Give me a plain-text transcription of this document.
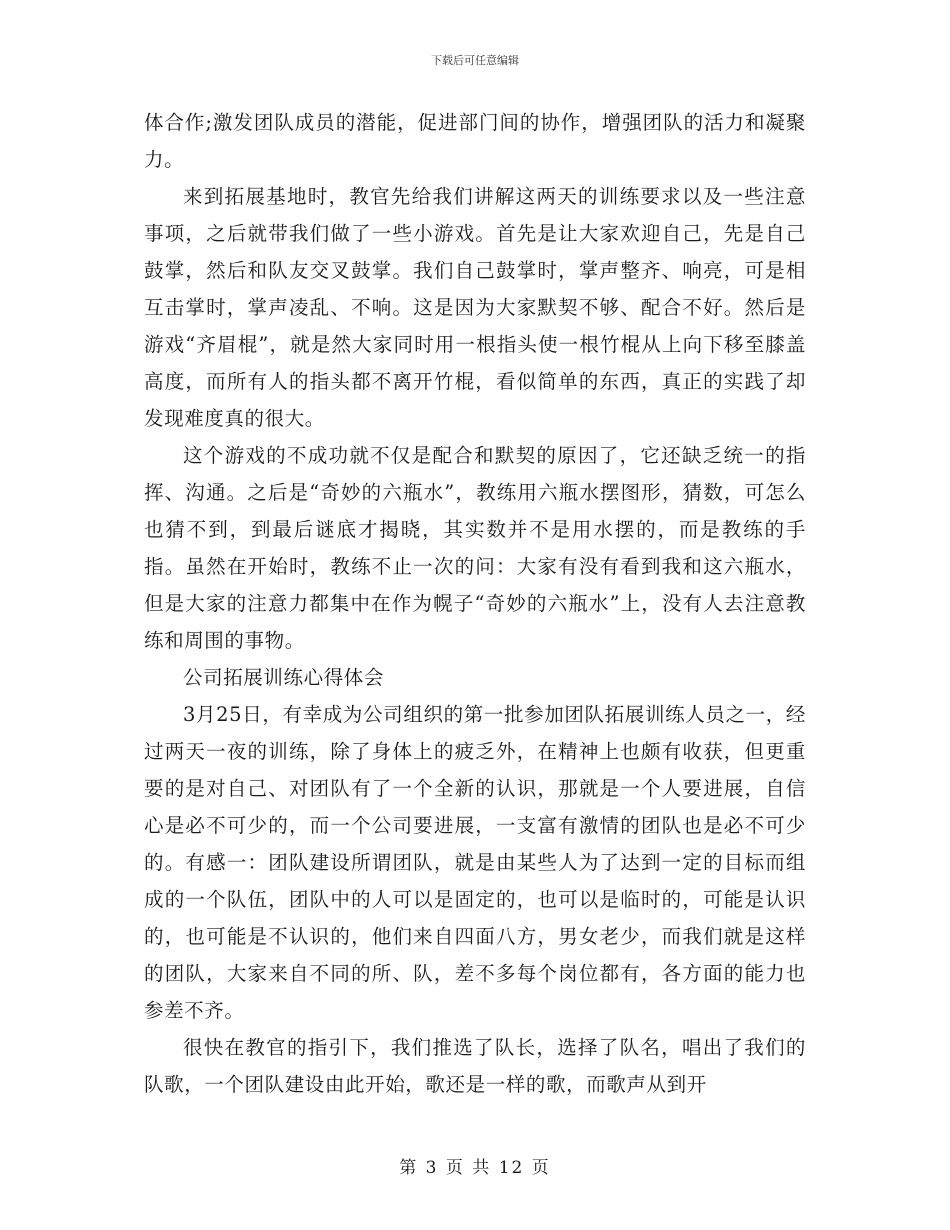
下载后可任意编辑

体合作;激发团队成员的潜能，促进部门间的协作，增强团队的活力和凝聚力。

来到拓展基地时，教官先给我们讲解这两天的训练要求以及一些注意事项，之后就带我们做了一些小游戏。首先是让大家欢迎自己，先是自己鼓掌，然后和队友交叉鼓掌。我们自己鼓掌时，掌声整齐、响亮，可是相互击掌时，掌声凌乱、不响。这是因为大家默契不够、配合不好。然后是游戏“齐眉棍”，就是然大家同时用一根指头使一根竹棍从上向下移至膝盖高度，而所有人的指头都不离开竹棍，看似简单的东西，真正的实践了却发现难度真的很大。

这个游戏的不成功就不仅是配合和默契的原因了，它还缺乏统一的指挥、沟通。之后是“奇妙的六瓶水”，教练用六瓶水摆图形，猜数，可怎么也猜不到，到最后谜底才揭晓，其实数并不是用水摆的，而是教练的手指。虽然在开始时，教练不止一次的问：大家有没有看到我和这六瓶水，但是大家的注意力都集中在作为幌子“奇妙的六瓶水”上，没有人去注意教练和周围的事物。

公司拓展训练心得体会

3月25日，有幸成为公司组织的第一批参加团队拓展训练人员之一，经过两天一夜的训练，除了身体上的疲乏外，在精神上也颇有收获，但更重要的是对自己、对团队有了一个全新的认识，那就是一个人要进展，自信心是必不可少的，而一个公司要进展，一支富有激情的团队也是必不可少的。有感一：团队建设所谓团队，就是由某些人为了达到一定的目标而组成的一个队伍，团队中的人可以是固定的，也可以是临时的，可能是认识的，也可能是不认识的，他们来自四面八方，男女老少，而我们就是这样的团队，大家来自不同的所、队，差不多每个岗位都有，各方面的能力也参差不齐。

很快在教官的指引下，我们推选了队长，选择了队名，唱出了我们的队歌，一个团队建设由此开始，歌还是一样的歌，而歌声从到开

第 3 页 共 12 页
